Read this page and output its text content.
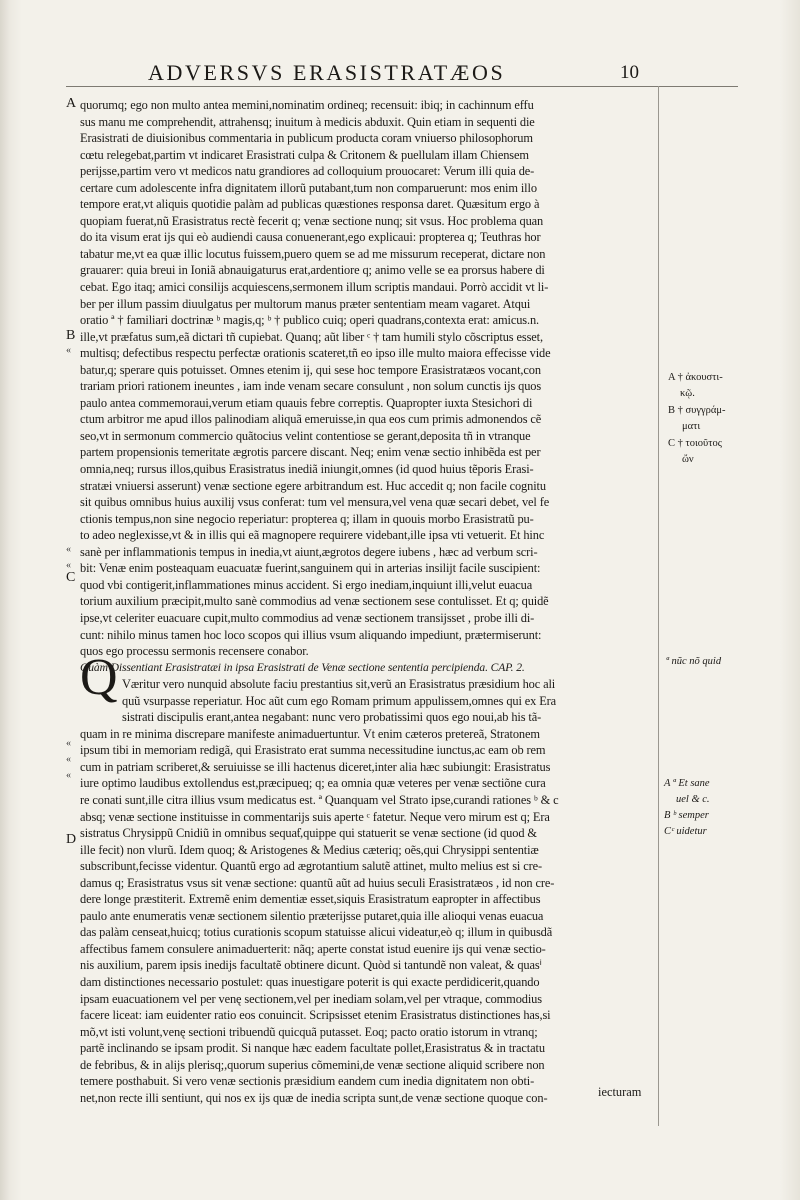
ADVERSVS ERASISTRATÆOS	10
A
B
C
D
«
«
«
«
«
«
quorumq; ego non multo antea memini,nominatim ordineq; recensuit: ibiq; in cachinnum effu
sus manu me comprehendit, attrahensq; inuitum à medicis abduxit. Quin etiam in sequenti die
Erasistrati de diuisionibus commentaria in publicum producta coram vniuerso philosophorum
cœtu relegebat,partim vt indicaret Erasistrati culpa & Critonem & puellulam illam Chiensem
perijsse,partim vero vt medicos natu grandiores ad colloquium prouocaret: Verum illi quia de-
certare cum adolescente infra dignitatem illorũ putabant,tum non comparuerunt: mos enim illo
tempore erat,vt aliquis quotidie palàm ad publicas quæstiones responsa daret. Quæsitum ergo à
quopiam fuerat,nũ Erasistratus rectè fecerit q; venæ sectione nunq; sit vsus. Hoc problema quan
do ita visum erat ijs qui eò audiendi causa conuenerant,ego explicaui: propterea q; Teuthras hor
tabatur me,vt ea quæ illic locutus fuissem,puero quem se ad me missurum receperat, dictare non
grauarer: quia breui in Ioniã abnauigaturus erat,ardentiore q; animo velle se ea prorsus habere di
cebat. Ego itaq; amici consilijs acquiescens,sermonem illum scriptis mandaui. Porrò accidit vt li-
ber per illum passim diuulgatus per multorum manus præter sententiam meam vagaret. Atqui
oratio ª † familiari doctrinæ ᵇ magis,q; ᵇ † publico cuiq; operi quadrans,contexta erat: amicus.n.
ille,vt præfatus sum,eã dictari tñ cupiebat. Quanq; aũt liber ᶜ † tam humili stylo cõscriptus esset,
multisq; defectibus respectu perfectæ orationis scateret,tñ eo ipso ille multo maiora effecisse vide
batur,q; sperare quis potuisset. Omnes etenim ij, qui sese hoc tempore Erasistratæos vocant,con
trariam priori rationem ineuntes , iam inde venam secare consulunt , non solum cunctis ijs quos
paulo antea commemoraui,verum etiam quauis febre correptis. Quapropter iuxta Stesichori di
ctum arbitror me apud illos palinodiam aliquã emeruisse,in qua eos cum primis admonendos cẽ
seo,vt in sermonum commercio quãtocius velint contentiose se gerant,deposita tñ in vtranque
partem propensionis temeritate ægrotis parcere discant. Neq; enim venæ sectio inhibẽda est per
omnia,neq; rursus illos,quibus Erasistratus inediã iniungit,omnes (id quod huius tẽporis Erasi-
stratæi vniuersi asserunt) venæ sectione egere arbitrandum est. Huc accedit q; non facile cognitu
sit quibus omnibus huius auxilij vsus conferat: tum vel mensura,vel vena quæ secari debet, vel fe
ctionis tempus,non sine negocio reperiatur: propterea q; illam in quouis morbo Erasistratũ pu-
to adeo neglexisse,vt & in illis qui eã magnopere requirere videbant,ille ipsa vti vetuerit. Et hinc
sanè per inflammationis tempus in inedia,vt aiunt,ægrotos degere iubens , hæc ad verbum scri-
bit: Venæ enim posteaquam euacuatæ fuerint,sanguinem qui in arterias insilijt facile suscipient:
quod vbi contigerit,inflammationes minus accident. Si ergo inediam,inquiunt illi,velut euacua
torium auxilium præcipit,multo sanè commodius ad venæ sectionem sese contulisset. Et q; quidẽ
ipse,vt celeriter euacuare cupit,multo commodius ad venæ sectionem transijsset , probe illi di-
cunt: nihilo minus tamen hoc loco scopos qui illius vsum aliquando impediunt, prætermiserunt:
quos ego processu sermonis recensere conabor.
Quàm Dissentiant Erasistratæi in ipsa Erasistrati de Venæ sectione sententia percipienda. CAP. 2.
Væritur vero nunquid absolute faciu prestantius sit,verũ an Erasistratus præsidium hoc ali
quũ vsurpasse reperiatur. Hoc aũt cum ego Romam primum appulissem,omnes qui ex Era
sistrati discipulis erant,antea negabant: nunc vero probatissimi quos ego noui,ab his tã-
quam in re minima discrepare manifeste animaduertuntur. Vt enim cæteros pretereã, Stratonem
ipsum tibi in memoriam redigã, qui Erasistrato erat summa necessitudine iunctus,ac eam ob rem
cum in patriam scriberet,& seruiuisse se illi hactenus diceret,inter alia hæc subiungit: Erasistratus
iure optimo laudibus extollendus est,præcipueq; q; ea omnia quæ veteres per venæ sectiõne cura
re conati sunt,ille citra illius vsum medicatus est. ª Quanquam vel Strato ipse,curandi rationes ᵇ & c
absq; venæ sectione instituisse in commentarijs suis aperte ᶜ fatetur. Neque vero mirum est q; Era
sistratus Chrysippũ Cnidiũ in omnibus sequaƭ,quippe qui statuerit se venæ sectione (id quod &
ille fecit) non vlurũ. Idem quoq; & Aristogenes & Medius cæteriq; oẽs,qui Chrysippi sententiæ
subscribunt,fecisse videntur. Quantũ ergo ad ægrotantium salutẽ attinet, multo melius est si cre-
damus q; Erasistratus vsus sit venæ sectione: quantũ aũt ad huius seculi Erasistratæos , id non cre-
dere longe præstiterit. Extremẽ enim dementiæ esset,siquis Erasistratum eapropter in affectibus
paulo ante enumeratis venæ sectionem silentio præterijsse putaret,quia ille alioqui venas euacua
das palàm censeat,huicq; totius curationis scopum statuisse alicui videatur,eò q; illum in quibusdã
affectibus famem consulere animaduerterit: nãq; aperte constat istud euenire ijs qui venæ sectio-
nis auxilium, parem ipsis inedijs facultatẽ obtinere dicunt. Quòd si tantundẽ non valeat, & quasⁱ
dam distinctiones necessario postulet: quas inuestigare poterit is qui exacte perdidicerit,quando
ipsam euacuationem vel per venę sectionem,vel per inediam solam,vel per vtraque, commodius
facere liceat: iam euidenter ratio eos conuincit. Scripsisset etenim Erasistratus distinctiones has,si
mõ,vt isti volunt,venę sectioni tribuendũ quicquã putasset. Eoq; pacto oratio istorum in vtranq;
partẽ inclinando se ipsam prodit. Si nanque hæc eadem facultate pollet,Erasistratus & in tractatu
de febribus, & in alijs plerisq;,quorum superius cõmemini,de venæ sectione aliquid scribere non
temere posthabuit. Si vero venæ sectionis præsidium eandem cum inedia dignitatem non obti-
net,non recte illi sentiunt, qui nos ex ijs quæ de inedia scripta sunt,de venæ sectione quoque con-
Q
iecturam
A † ἀκουστι-
κῷ.
B † συγγράμ-
ματι
C † τοιοῦτος
ὤν
ª nũc nõ quid
A ª Et sane
uel & c.
B ᵇ semper
Cᶜ uidetur
